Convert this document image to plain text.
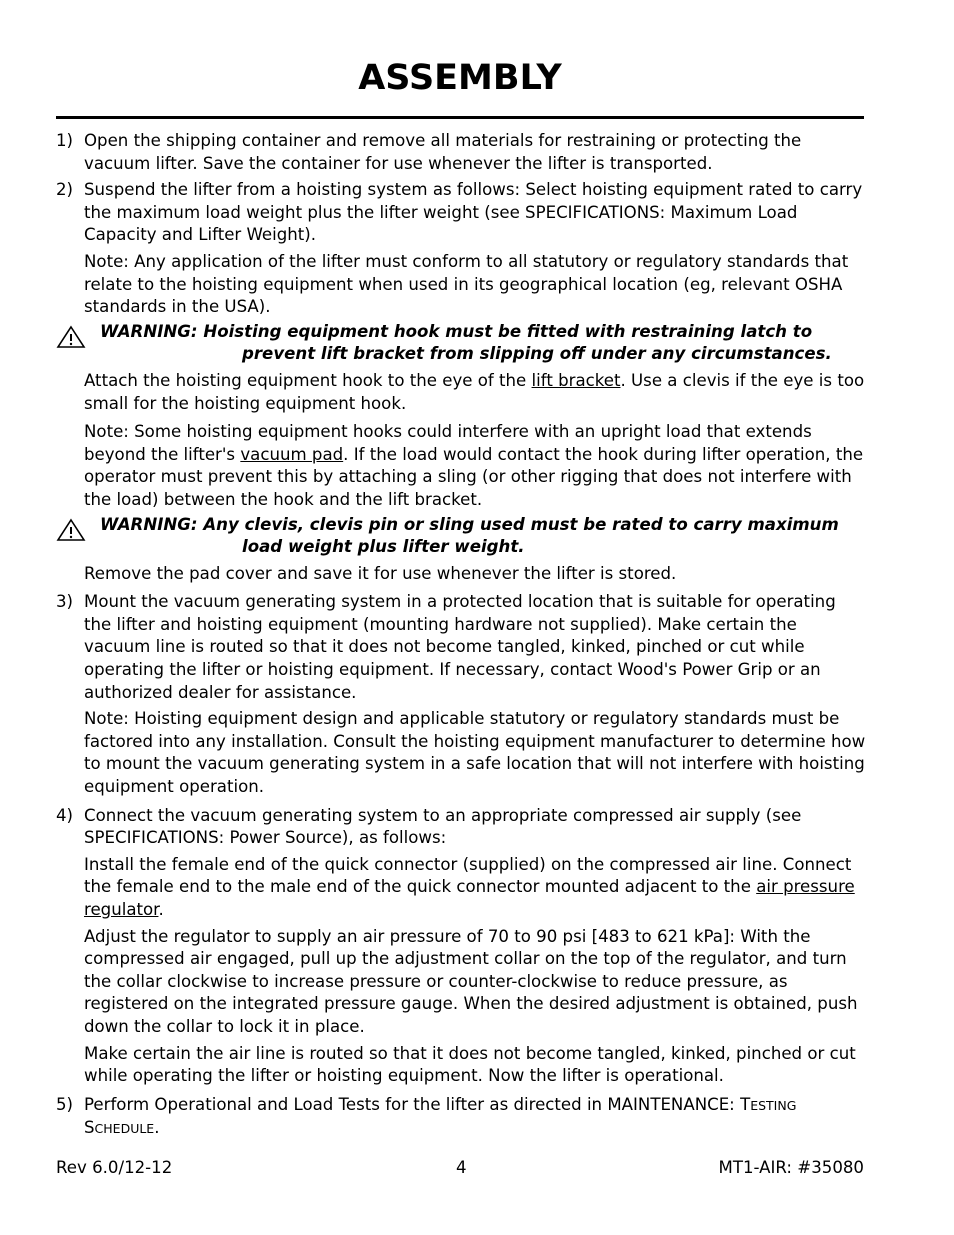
ASSEMBLY
1) Open the shipping container and remove all materials for restraining or protecting the vacuum lifter. Save the container for use whenever the lifter is transported.
2) Suspend the lifter from a hoisting system as follows: Select hoisting equipment rated to carry the maximum load weight plus the lifter weight (see SPECIFICATIONS: Maximum Load Capacity and Lifter Weight).
Note: Any application of the lifter must conform to all statutory or regulatory standards that relate to the hoisting equipment when used in its geographical location (eg, relevant OSHA standards in the USA).
WARNING: Hoisting equipment hook must be fitted with restraining latch to
prevent lift bracket from slipping off under any circumstances.
Attach the hoisting equipment hook to the eye of the lift bracket. Use a clevis if the eye is too small for the hoisting equipment hook.
Note: Some hoisting equipment hooks could interfere with an upright load that extends beyond the lifter's vacuum pad. If the load would contact the hook during lifter operation, the operator must prevent this by attaching a sling (or other rigging that does not interfere with the load) between the hook and the lift bracket.
WARNING: Any clevis, clevis pin or sling used must be rated to carry maximum
load weight plus lifter weight.
Remove the pad cover and save it for use whenever the lifter is stored.
3) Mount the vacuum generating system in a protected location that is suitable for operating the lifter and hoisting equipment (mounting hardware not supplied). Make certain the vacuum line is routed so that it does not become tangled, kinked, pinched or cut while operating the lifter or hoisting equipment. If necessary, contact Wood's Power Grip or an authorized dealer for assistance.
Note: Hoisting equipment design and applicable statutory or regulatory standards must be factored into any installation. Consult the hoisting equipment manufacturer to determine how to mount the vacuum generating system in a safe location that will not interfere with hoisting equipment operation.
4) Connect the vacuum generating system to an appropriate compressed air supply (see SPECIFICATIONS: Power Source), as follows:
Install the female end of the quick connector (supplied) on the compressed air line. Connect the female end to the male end of the quick connector mounted adjacent to the air pressure regulator.
Adjust the regulator to supply an air pressure of 70 to 90 psi [483 to 621 kPa]: With the compressed air engaged, pull up the adjustment collar on the top of the regulator, and turn the collar clockwise to increase pressure or counter-clockwise to reduce pressure, as registered on the integrated pressure gauge. When the desired adjustment is obtained, push down the collar to lock it in place.
Make certain the air line is routed so that it does not become tangled, kinked, pinched or cut while operating the lifter or hoisting equipment. Now the lifter is operational.
5) Perform Operational and Load Tests for the lifter as directed in MAINTENANCE: TESTING SCHEDULE.
Rev 6.0/12-12	4	MT1-AIR: #35080
